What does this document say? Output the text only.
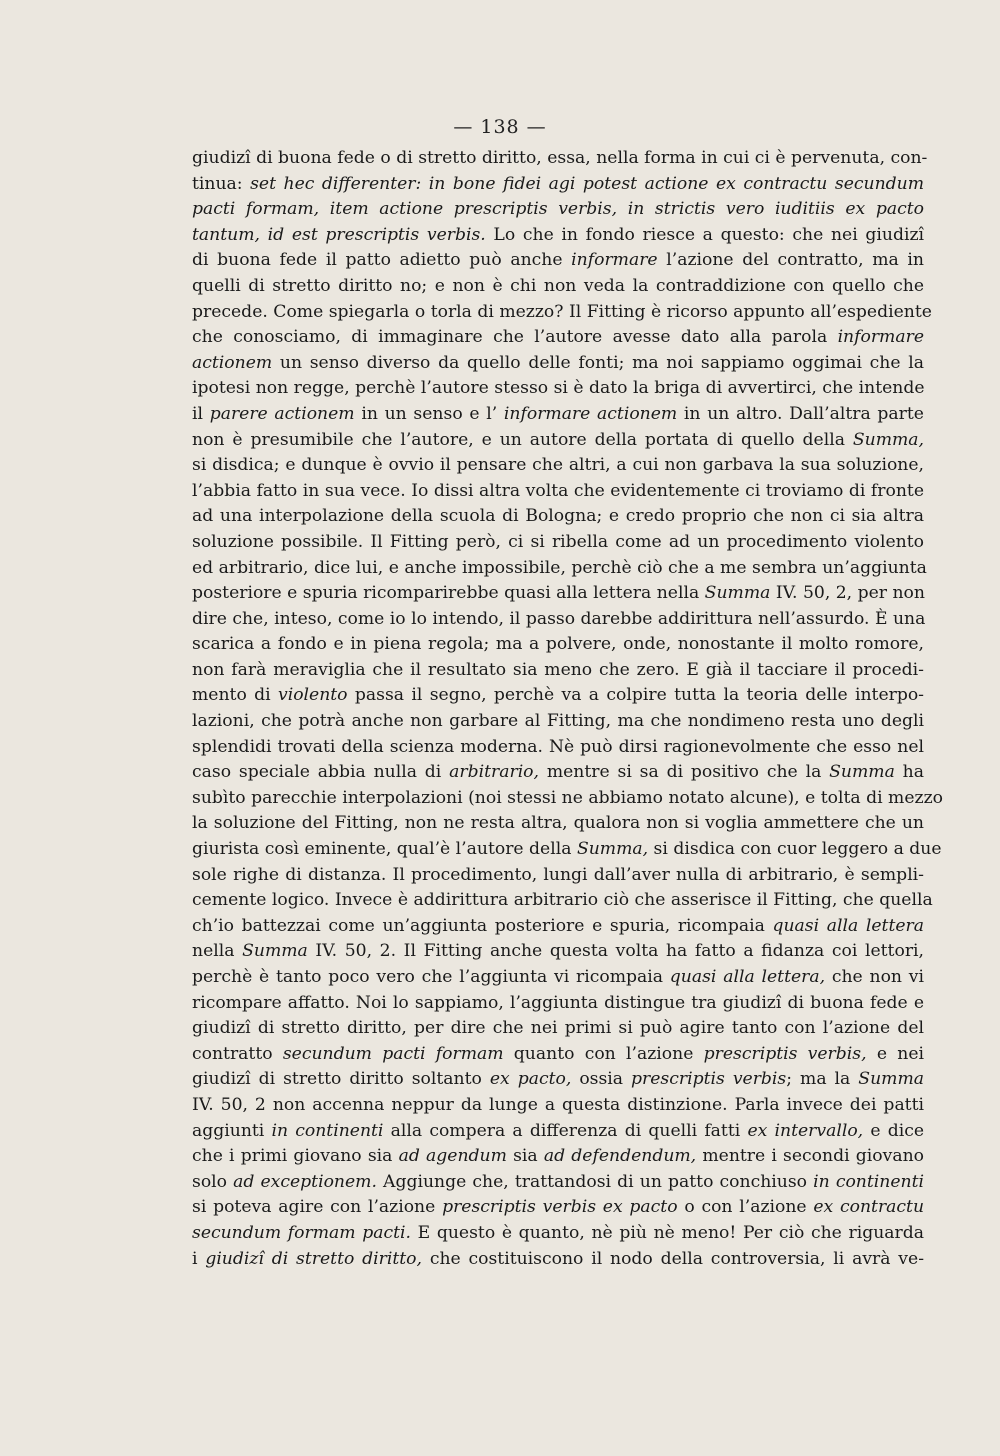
— 138 —
giudizî di buona fede o di stretto diritto, essa, nella forma in cui ci è pervenuta, con-
tinua: set hec differenter: in bone fidei agi potest actione ex contractu secundum
pacti formam, item actione prescriptis verbis, in strictis vero iuditiis ex pacto
tantum, id est prescriptis verbis. Lo che in fondo riesce a questo: che nei giudizî
di buona fede il patto adietto può anche informare l’azione del contratto, ma in
quelli di stretto diritto no; e non è chi non veda la contraddizione con quello che
precede. Come spiegarla o torla di mezzo? Il Fitting è ricorso appunto all’espediente
che conosciamo, di immaginare che l’autore avesse dato alla parola informare
actionem un senso diverso da quello delle fonti; ma noi sappiamo oggimai che la
ipotesi non regge, perchè l’autore stesso si è dato la briga di avvertirci, che intende
il parere actionem in un senso e l’ informare actionem in un altro. Dall’altra parte
non è presumibile che l’autore, e un autore della portata di quello della Summa,
si disdica; e dunque è ovvio il pensare che altri, a cui non garbava la sua soluzione,
l’abbia fatto in sua vece. Io dissi altra volta che evidentemente ci troviamo di fronte
ad una interpolazione della scuola di Bologna; e credo proprio che non ci sia altra
soluzione possibile. Il Fitting però, ci si ribella come ad un procedimento violento
ed arbitrario, dice lui, e anche impossibile, perchè ciò che a me sembra un’aggiunta
posteriore e spuria ricomparirebbe quasi alla lettera nella Summa IV. 50, 2, per non
dire che, inteso, come io lo intendo, il passo darebbe addirittura nell’assurdo. È una
scarica a fondo e in piena regola; ma a polvere, onde, nonostante il molto romore,
non farà meraviglia che il resultato sia meno che zero. E già il tacciare il procedi-
mento di violento passa il segno, perchè va a colpire tutta la teoria delle interpo-
lazioni, che potrà anche non garbare al Fitting, ma che nondimeno resta uno degli
splendidi trovati della scienza moderna. Nè può dirsi ragionevolmente che esso nel
caso speciale abbia nulla di arbitrario, mentre si sa di positivo che la Summa ha
subìto parecchie interpolazioni (noi stessi ne abbiamo notato alcune), e tolta di mezzo
la soluzione del Fitting, non ne resta altra, qualora non si voglia ammettere che un
giurista così eminente, qual’è l’autore della Summa, si disdica con cuor leggero a due
sole righe di distanza. Il procedimento, lungi dall’aver nulla di arbitrario, è sempli-
cemente logico. Invece è addirittura arbitrario ciò che asserisce il Fitting, che quella
ch’io battezzai come un’aggiunta posteriore e spuria, ricompaia quasi alla lettera
nella Summa IV. 50, 2. Il Fitting anche questa volta ha fatto a fidanza coi lettori,
perchè è tanto poco vero che l’aggiunta vi ricompaia quasi alla lettera, che non vi
ricompare affatto. Noi lo sappiamo, l’aggiunta distingue tra giudizî di buona fede e
giudizî di stretto diritto, per dire che nei primi si può agire tanto con l’azione del
contratto secundum pacti formam quanto con l’azione prescriptis verbis, e nei
giudizî di stretto diritto soltanto ex pacto, ossia prescriptis verbis; ma la Summa
IV. 50, 2 non accenna neppur da lunge a questa distinzione. Parla invece dei patti
aggiunti in continenti alla compera a differenza di quelli fatti ex intervallo, e dice
che i primi giovano sia ad agendum sia ad defendendum, mentre i secondi giovano
solo ad exceptionem. Aggiunge che, trattandosi di un patto conchiuso in continenti
si poteva agire con l’azione prescriptis verbis ex pacto o con l’azione ex contractu
secundum formam pacti. E questo è quanto, nè più nè meno! Per ciò che riguarda
i giudizî di stretto diritto, che costituiscono il nodo della controversia, li avrà ve-
